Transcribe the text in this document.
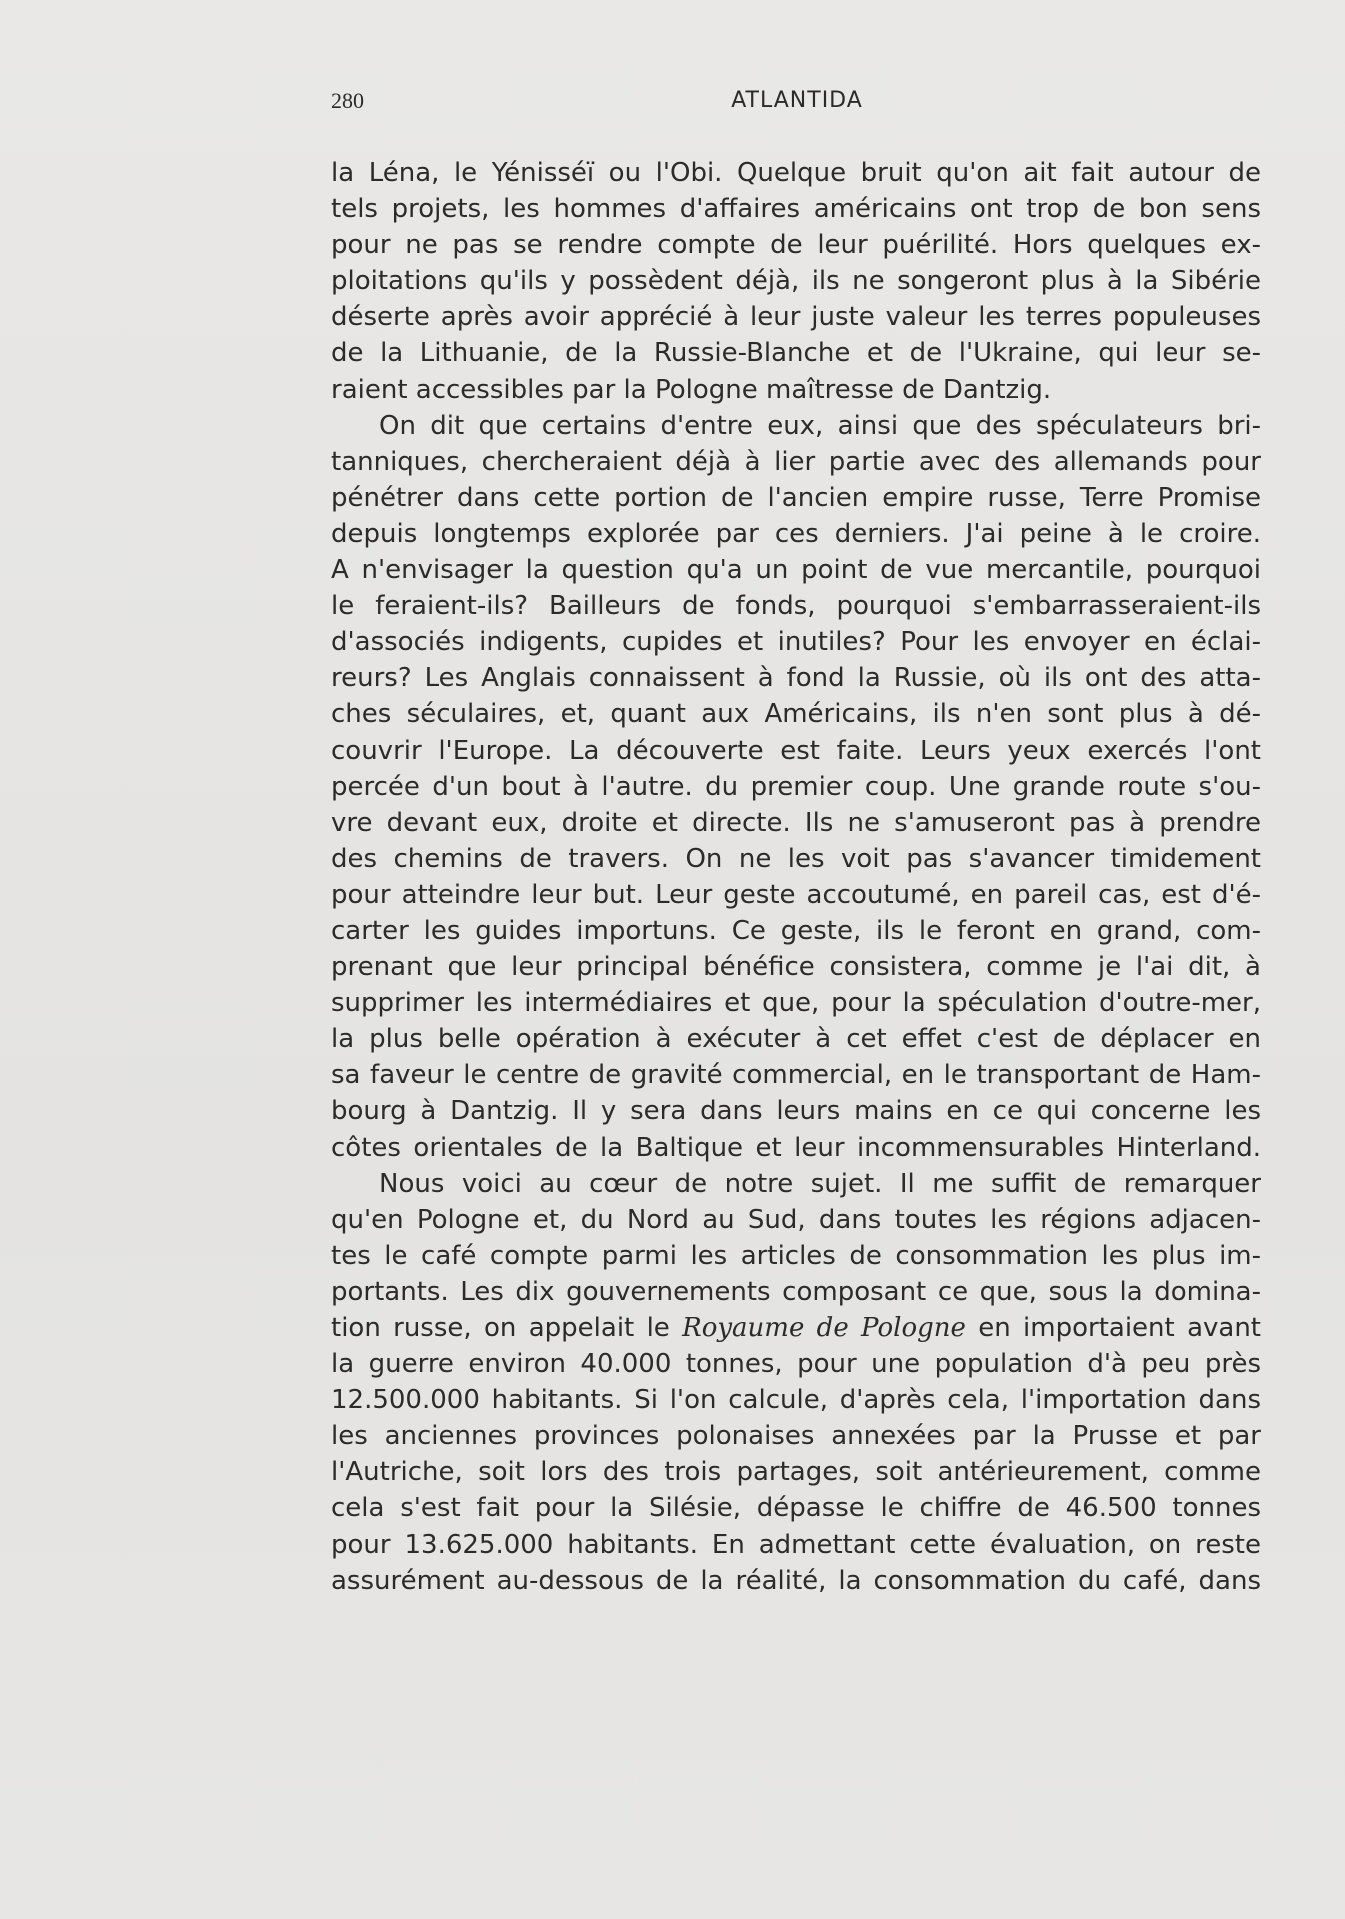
280	ATLANTIDA
la Léna, le Yénisséï ou l'Obi. Quelque bruit qu'on ait fait autour de
tels projets, les hommes d'affaires américains ont trop de bon sens
pour ne pas se rendre compte de leur puérilité. Hors quelques ex-
ploitations qu'ils y possèdent déjà, ils ne songeront plus à la Sibérie
déserte après avoir apprécié à leur juste valeur les terres populeuses
de la Lithuanie, de la Russie-Blanche et de l'Ukraine, qui leur se-
raient accessibles par la Pologne maîtresse de Dantzig.
On dit que certains d'entre eux, ainsi que des spéculateurs bri-
tanniques, chercheraient déjà à lier partie avec des allemands pour
pénétrer dans cette portion de l'ancien empire russe, Terre Promise
depuis longtemps explorée par ces derniers. J'ai peine à le croire.
A n'envisager la question qu'a un point de vue mercantile, pourquoi
le feraient-ils? Bailleurs de fonds, pourquoi s'embarrasseraient-ils
d'associés indigents, cupides et inutiles? Pour les envoyer en éclai-
reurs? Les Anglais connaissent à fond la Russie, où ils ont des atta-
ches séculaires, et, quant aux Américains, ils n'en sont plus à dé-
couvrir l'Europe. La découverte est faite. Leurs yeux exercés l'ont
percée d'un bout à l'autre. du premier coup. Une grande route s'ou-
vre devant eux, droite et directe. Ils ne s'amuseront pas à prendre
des chemins de travers. On ne les voit pas s'avancer timidement
pour atteindre leur but. Leur geste accoutumé, en pareil cas, est d'é-
carter les guides importuns. Ce geste, ils le feront en grand, com-
prenant que leur principal bénéfice consistera, comme je l'ai dit, à
supprimer les intermédiaires et que, pour la spéculation d'outre-mer,
la plus belle opération à exécuter à cet effet c'est de déplacer en
sa faveur le centre de gravité commercial, en le transportant de Ham-
bourg à Dantzig. Il y sera dans leurs mains en ce qui concerne les
côtes orientales de la Baltique et leur incommensurables Hinterland.
Nous voici au cœur de notre sujet. Il me suffit de remarquer
qu'en Pologne et, du Nord au Sud, dans toutes les régions adjacen-
tes le café compte parmi les articles de consommation les plus im-
portants. Les dix gouvernements composant ce que, sous la domina-
tion russe, on appelait le Royaume de Pologne en importaient avant
la guerre environ 40.000 tonnes, pour une population d'à peu près
12.500.000 habitants. Si l'on calcule, d'après cela, l'importation dans
les anciennes provinces polonaises annexées par la Prusse et par
l'Autriche, soit lors des trois partages, soit antérieurement, comme
cela s'est fait pour la Silésie, dépasse le chiffre de 46.500 tonnes
pour 13.625.000 habitants. En admettant cette évaluation, on reste
assurément au-dessous de la réalité, la consommation du café, dans
